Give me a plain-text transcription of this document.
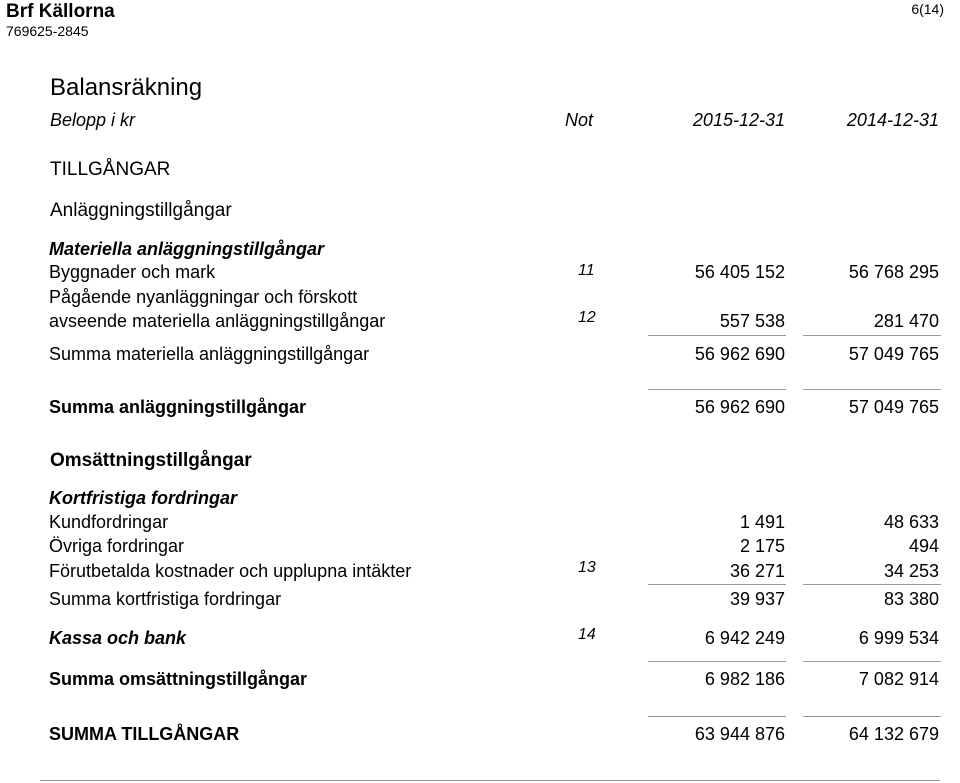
Brf Källorna
769625-2845
6(14)
Balansräkning
Belopp i kr	Not	2015-12-31	2014-12-31
TILLGÅNGAR
Anläggningstillgångar
Materiella anläggningstillgångar
Byggnader och mark	11	56 405 152	56 768 295
Pågående nyanläggningar och förskott
avseende materiella anläggningstillgångar	12	557 538	281 470
Summa materiella anläggningstillgångar	56 962 690	57 049 765
Summa anläggningstillgångar	56 962 690	57 049 765
Omsättningstillgångar
Kortfristiga fordringar
Kundfordringar	1 491	48 633
Övriga fordringar	2 175	494
Förutbetalda kostnader och upplupna intäkter	13	36 271	34 253
Summa kortfristiga fordringar	39 937	83 380
Kassa och bank	14	6 942 249	6 999 534
Summa omsättningstillgångar	6 982 186	7 082 914
SUMMA TILLGÅNGAR	63 944 876	64 132 679
